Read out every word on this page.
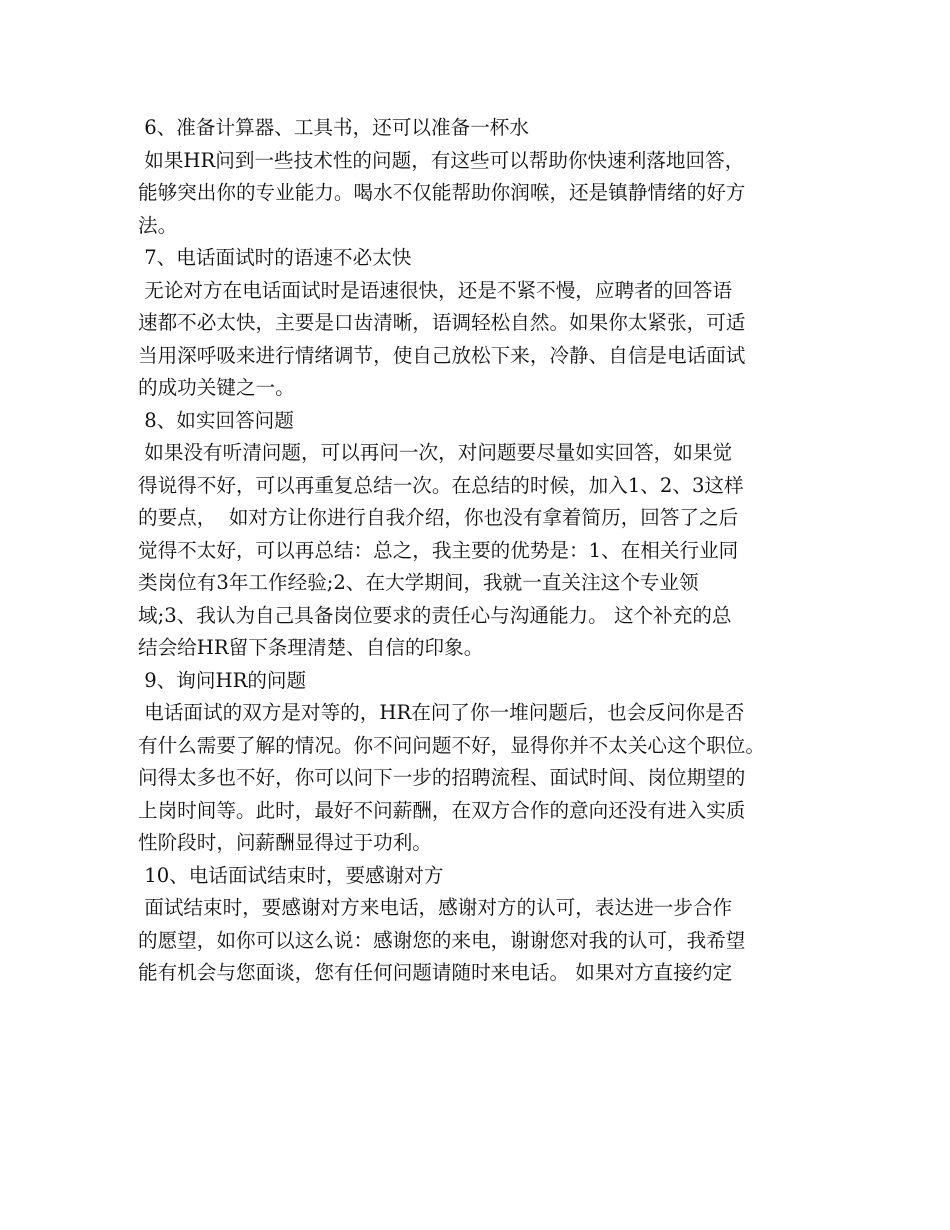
6、准备计算器、工具书，还可以准备一杯水
如果HR问到一些技术性的问题，有这些可以帮助你快速利落地回答，
能够突出你的专业能力。喝水不仅能帮助你润喉，还是镇静情绪的好方
法。
7、电话面试时的语速不必太快
无论对方在电话面试时是语速很快，还是不紧不慢，应聘者的回答语
速都不必太快，主要是口齿清晰，语调轻松自然。如果你太紧张，可适
当用深呼吸来进行情绪调节，使自己放松下来，冷静、自信是电话面试
的成功关键之一。
8、如实回答问题
如果没有听清问题，可以再问一次，对问题要尽量如实回答，如果觉
得说得不好，可以再重复总结一次。在总结的时候，加入1、2、3这样
的要点，  如对方让你进行自我介绍，你也没有拿着简历，回答了之后
觉得不太好，可以再总结：总之，我主要的优势是：1、在相关行业同
类岗位有3年工作经验;2、在大学期间，我就一直关注这个专业领
域;3、我认为自己具备岗位要求的责任心与沟通能力。 这个补充的总
结会给HR留下条理清楚、自信的印象。
9、询问HR的问题
电话面试的双方是对等的，HR在问了你一堆问题后，也会反问你是否
有什么需要了解的情况。你不问问题不好，显得你并不太关心这个职位。
问得太多也不好，你可以问下一步的招聘流程、面试时间、岗位期望的
上岗时间等。此时，最好不问薪酬，在双方合作的意向还没有进入实质
性阶段时，问薪酬显得过于功利。
10、电话面试结束时，要感谢对方
面试结束时，要感谢对方来电话，感谢对方的认可，表达进一步合作
的愿望，如你可以这么说：感谢您的来电，谢谢您对我的认可，我希望
能有机会与您面谈，您有任何问题请随时来电话。 如果对方直接约定
